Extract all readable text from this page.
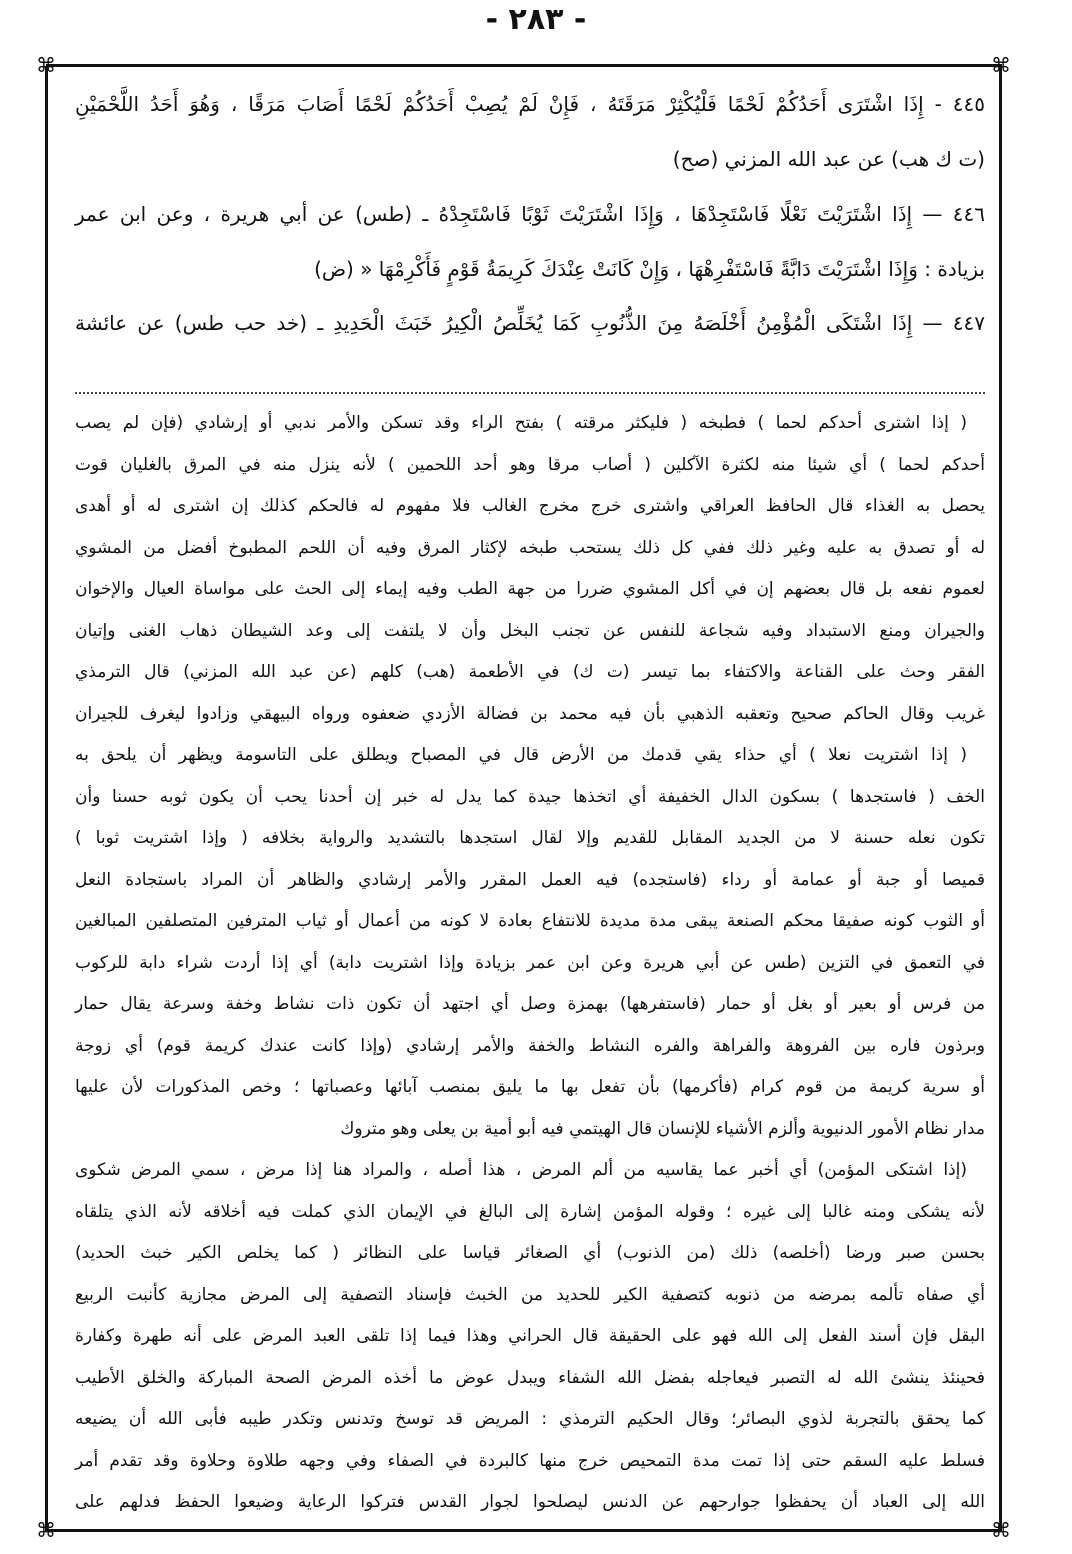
- ٢٨٣ -
⌘	⌘
⌘	⌘
٤٤٥ - إِذَا اشْتَرَى أَحَدُكُمْ لَحْمًا فَلْيُكْثِرْ مَرَقَتَهُ ، فَإِنْ لَمْ يُصِبْ أَحَدُكُمْ لَحْمًا أَصَابَ مَرَقًا ، وَهُوَ أَحَدُ اللَّحْمَيْنِ
(ت ك هب) عن عبد الله المزني (صح)
٤٤٦ — إِذَا اشْتَرَيْتَ نَعْلًا فَاسْتَجِدْهَا ، وَإِذَا اشْتَرَيْتَ ثَوْبًا فَاسْتَجِدْهُ ـ (طس) عن أبي هريرة ، وعن ابن عمر
بزيادة : وَإِذَا اشْتَرَيْتَ دَابَّةً فَاسْتَفْرِهْهَا ، وَإِنْ كَانَتْ عِنْدَكَ كَرِيمَةُ قَوْمٍ فَأَكْرِمْهَا « (ض)
٤٤٧ — إِذَا اشْتَكَى الْمُؤْمِنُ أَخْلَصَهُ مِنَ الذُّنُوبِ كَمَا يُخَلِّصُ الْكِيرُ خَبَثَ الْحَدِيدِ ـ (خد حب طس) عن عائشة
( إذا اشترى أحدكم لحما ) فطبخه ( فليكثر مرقته ) بفتح الراء وقد تسكن والأمر ندبي أو إرشادي (فإن لم يصب
أحدكم لحما ) أي شيئا منه لكثرة الآكلين ( أصاب مرقا وهو أحد اللحمين ) لأنه ينزل منه في المرق بالغليان قوت
يحصل به الغذاء قال الحافظ العراقي واشترى خرج مخرج الغالب فلا مفهوم له فالحكم كذلك إن اشترى له أو أهدى
له أو تصدق به عليه وغير ذلك ففي كل ذلك يستحب طبخه لإكثار المرق وفيه أن اللحم المطبوخ أفضل من المشوي
لعموم نفعه بل قال بعضهم إن في أكل المشوي ضررا من جهة الطب وفيه إيماء إلى الحث على مواساة العيال والإخوان
والجيران ومنع الاستبداد وفيه شجاعة للنفس عن تجنب البخل وأن لا يلتفت إلى وعد الشيطان ذهاب الغنى وإتيان
الفقر وحث على القناعة والاكتفاء بما تيسر (ت ك) في الأطعمة (هب) كلهم (عن عبد الله المزني) قال الترمذي
غريب وقال الحاكم صحيح وتعقبه الذهبي بأن فيه محمد بن فضالة الأزدي ضعفوه ورواه البيهقي وزادوا ليغرف للجيران
( إذا اشتريت نعلا ) أي حذاء يقي قدمك من الأرض قال في المصباح ويطلق على التاسومة ويظهر أن يلحق به
الخف ( فاستجدها ) بسكون الدال الخفيفة أي اتخذها جيدة كما يدل له خبر إن أحدنا يحب أن يكون ثوبه حسنا وأن
تكون نعله حسنة لا من الجديد المقابل للقديم وإلا لقال استجدها بالتشديد والرواية بخلافه ( وإذا اشتريت ثوبا )
قميصا أو جبة أو عمامة أو رداء (فاستجده) فيه العمل المقرر والأمر إرشادي والظاهر أن المراد باستجادة النعل
أو الثوب كونه صفيقا محكم الصنعة يبقى مدة مديدة للانتفاع بعادة لا كونه من أعمال أو ثياب المترفين المتصلفين المبالغين
في التعمق في التزين (طس عن أبي هريرة وعن ابن عمر بزيادة وإذا اشتريت دابة) أي إذا أردت شراء دابة للركوب
من فرس أو بعير أو بغل أو حمار (فاستفرهها) بهمزة وصل أي اجتهد أن تكون ذات نشاط وخفة وسرعة يقال حمار
وبرذون فاره بين الفروهة والفراهة والفره النشاط والخفة والأمر إرشادي (وإذا كانت عندك كريمة قوم) أي زوجة
أو سرية كريمة من قوم كرام (فأكرمها) بأن تفعل بها ما يليق بمنصب آبائها وعصباتها ؛ وخص المذكورات لأن عليها
مدار نظام الأمور الدنيوية وألزم الأشياء للإنسان قال الهيتمي فيه أبو أمية بن يعلى وهو متروك
(إذا اشتكى المؤمن) أي أخبر عما يقاسيه من ألم المرض ، هذا أصله ، والمراد هنا إذا مرض ، سمي المرض شكوى
لأنه يشكى ومنه غالبا إلى غيره ؛ وقوله المؤمن إشارة إلى البالغ في الإيمان الذي كملت فيه أخلاقه لأنه الذي يتلقاه
بحسن صبر ورضا (أخلصه) ذلك (من الذنوب) أي الصغائر قياسا على النظائر ( كما يخلص الكير خبث الحديد)
أي صفاه تألمه بمرضه من ذنوبه كتصفية الكير للحديد من الخبث فإسناد التصفية إلى المرض مجازية كأنبت الربيع
البقل فإن أسند الفعل إلى الله فهو على الحقيقة قال الحراني وهذا فيما إذا تلقى العبد المرض على أنه طهرة وكفارة
فحينئذ ينشئ الله له التصبر فيعاجله بفضل الله الشفاء ويبدل عوض ما أخذه المرض الصحة المباركة والخلق الأطيب
كما يحقق بالتجربة لذوي البصائر؛ وقال الحكيم الترمذي : المريض قد توسخ وتدنس وتكدر طيبه فأبى الله أن يضيعه
فسلط عليه السقم حتى إذا تمت مدة التمحيص خرج منها كالبردة في الصفاء وفي وجهه طلاوة وحلاوة وقد تقدم أمر
الله إلى العباد أن يحفظوا جوارحهم عن الدنس ليصلحوا لجوار القدس فتركوا الرعاية وضيعوا الحفظ فدلهم على
